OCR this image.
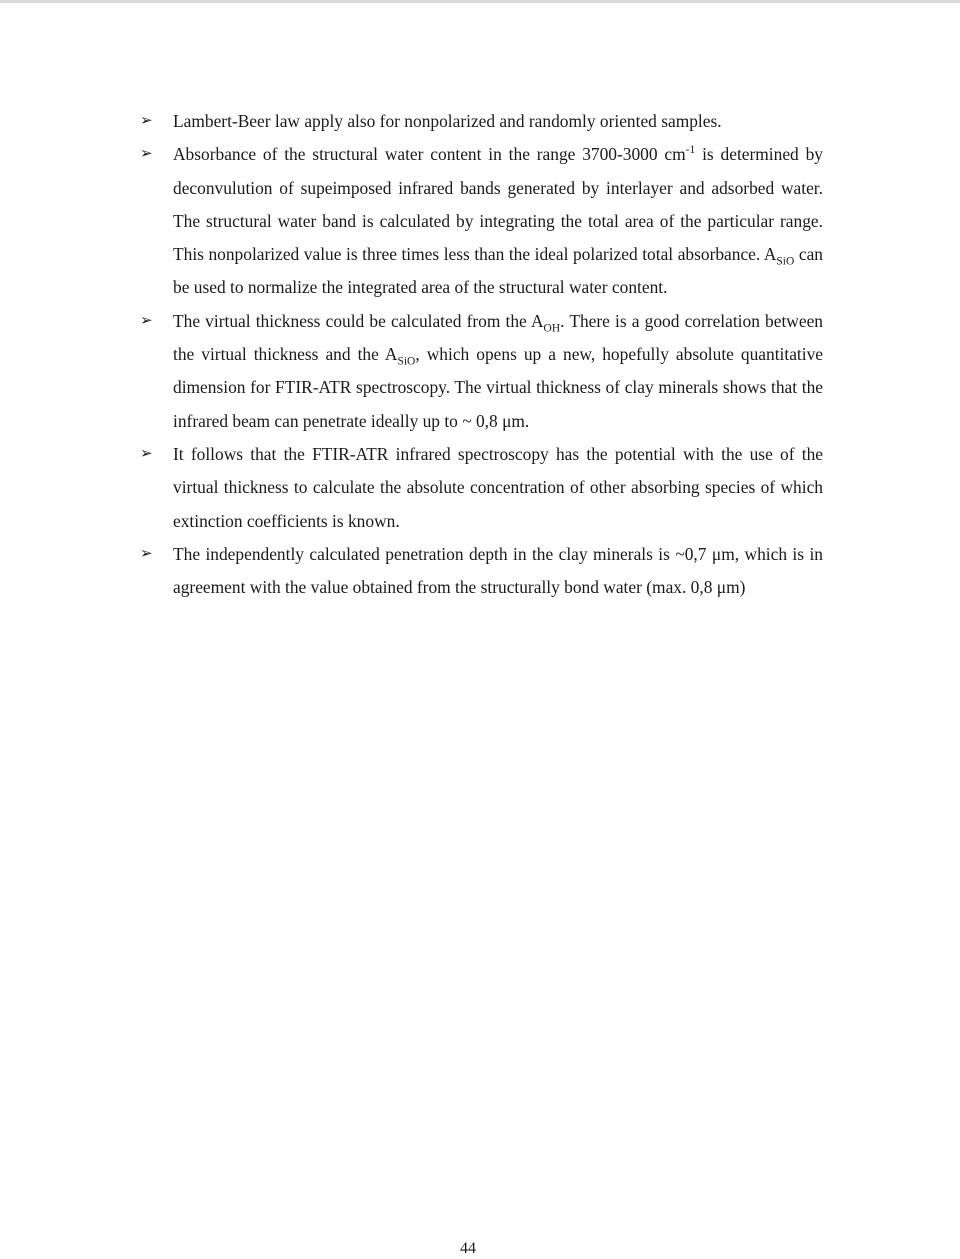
➢	Lambert-Beer law apply also for nonpolarized and randomly oriented samples.
➢	Absorbance of the structural water content in the range 3700-3000 $cm^{-1}$ is determined by deconvulution of supeimposed infrared bands generated by interlayer and adsorbed water. The structural water band is calculated by integrating the total area of the particular range. This nonpolarized value is three times less than the ideal polarized total absorbance. $A_{SiO}$ can be used to normalize the integrated area of the structural water content.
➢	The virtual thickness could be calculated from the $A_{OH}$. There is a good correlation between the virtual thickness and the $A_{SiO}$, which opens up a new, hopefully absolute quantitative dimension for FTIR-ATR spectroscopy. The virtual thickness of clay minerals shows that the infrared beam can penetrate ideally up to ~ 0,8 μm.
➢	It follows that the FTIR-ATR infrared spectroscopy has the potential with the use of the virtual thickness to calculate the absolute concentration of other absorbing species of which extinction coefficients is known.
➢	The independently calculated penetration depth in the clay minerals is ~0,7 μm, which is in agreement with the value obtained from the structurally bond water (max. 0,8 μm)
44
